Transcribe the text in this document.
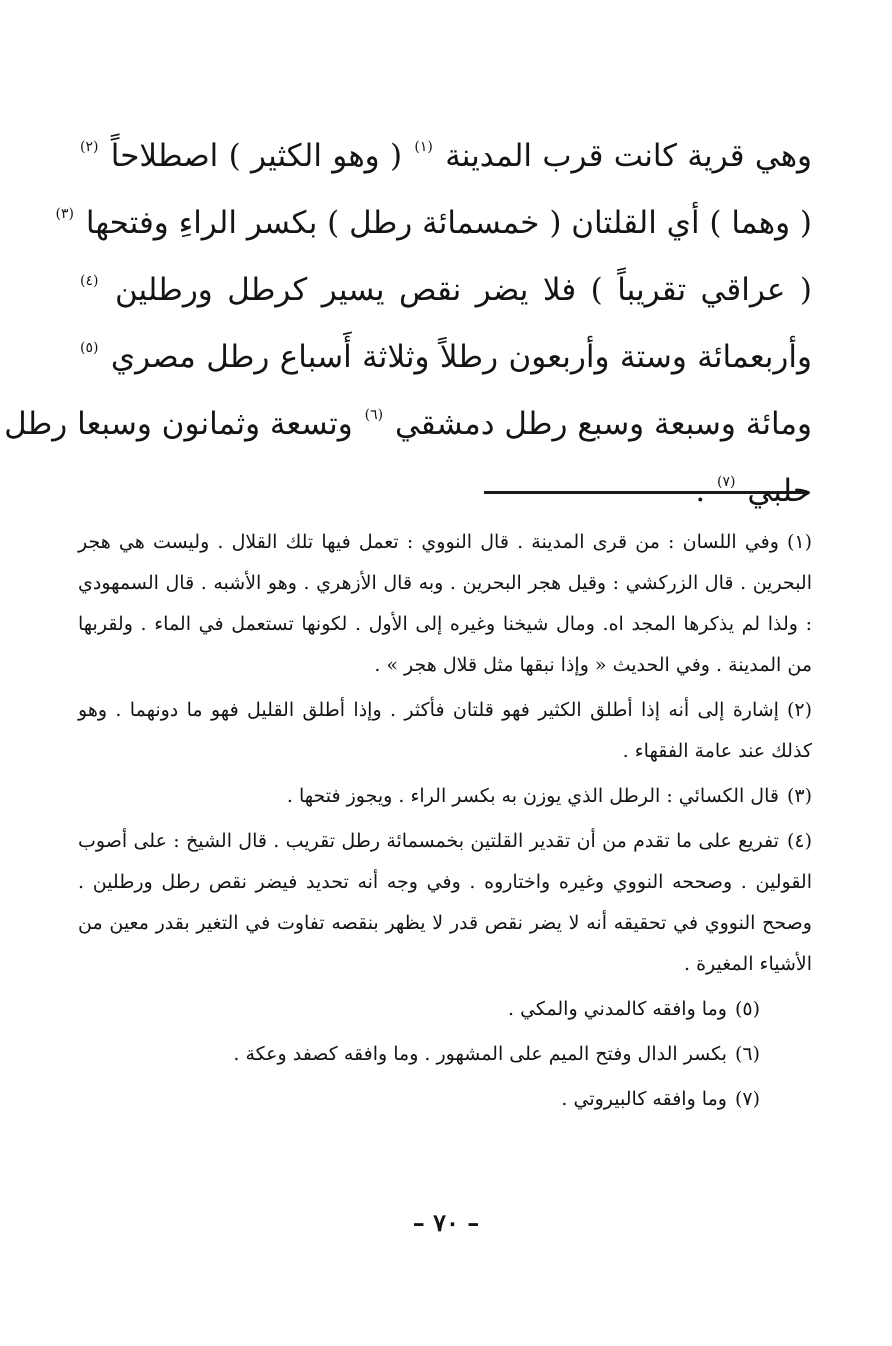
وهي قرية كانت قرب المدينة $^{(١)}$ ( وهو الكثير ) اصطلاحاً $^{(٢)}$
( وهما ) أي القلتان ( خمسمائة رطل ) بكسر الراءِ وفتحها $^{(٣)}$
( عراقي تقريباً ) فلا يضر نقص يسير كرطل ورطلين $^{(٤)}$
وأربعمائة وستة وأربعون رطلاً وثلاثة أَسباع رطل مصري $^{(٥)}$
ومائة وسبعة وسبع رطل دمشقي $^{(٦)}$ وتسعة وثمانون وسبعا رطل
حلبي $^{(٧)}$ .
(١)وفي اللسان : من قرى المدينة . قال النووي : تعمل فيها تلك القلال . وليست هي هجر البحرين . قال الزركشي : وقيل هجر البحرين . وبه قال الأزهري . وهو الأشبه . قال السمهودي : ولذا لم يذكرها المجد اه. ومال شيخنا وغيره إلى الأول . لكونها تستعمل في الماء . ولقربها من المدينة . وفي الحديث « وإذا نبقها مثل قلال هجر » .
(٢)إشارة إلى أنه إذا أطلق الكثير فهو قلتان فأكثر . وإذا أطلق القليل فهو ما دونهما . وهو كذلك عند عامة الفقهاء .
(٣)قال الكسائي : الرطل الذي يوزن به بكسر الراء . ويجوز فتحها .
(٤)تفريع على ما تقدم من أن تقدير القلتين بخمسمائة رطل تقريب . قال الشيخ : على أصوب القولين . وصححه النووي وغيره واختاروه . وفي وجه أنه تحديد فيضر نقص رطل ورطلين . وصحح النووي في تحقيقه أنه لا يضر نقص قدر لا يظهر بنقصه تفاوت في التغير بقدر معين من الأشياء المغيرة .
(٥)وما وافقه كالمدني والمكي .
(٦)بكسر الدال وفتح الميم على المشهور . وما وافقه كصفد وعكة .
(٧)وما وافقه كالبيروتي .
– ٧٠ –
